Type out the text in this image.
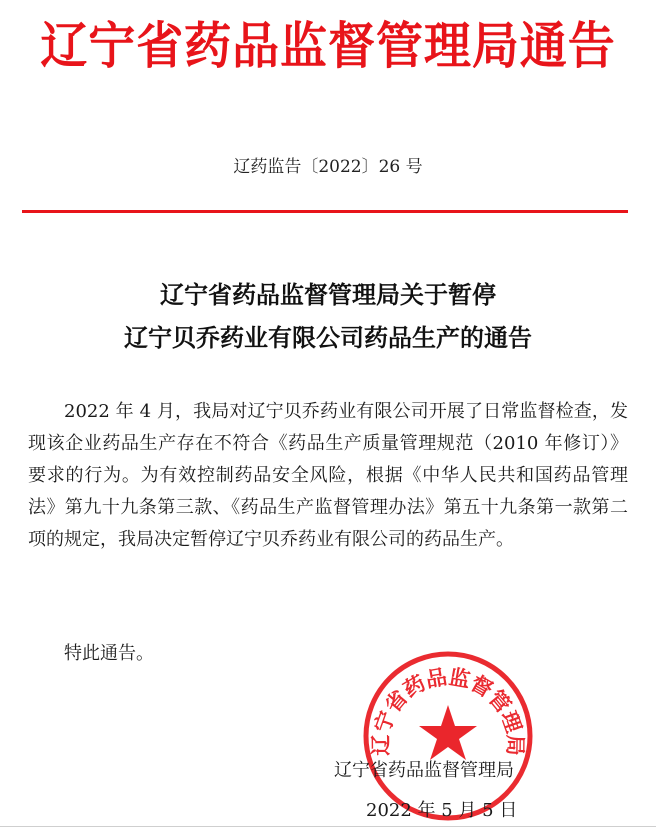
辽宁省药品监督管理局通告
辽药监告〔2022〕26 号
辽宁省药品监督管理局关于暂停
辽宁贝乔药业有限公司药品生产的通告

2022 年 4 月，我局对辽宁贝乔药业有限公司开展了日常监督检查，发现该企业药品生产存在不符合《药品生产质量管理规范（2010 年修订）》要求的行为。为有效控制药品安全风险，根据《中华人民共和国药品管理法》第九十九条第三款、《药品生产监督管理办法》第五十九条第一款第二项的规定，我局决定暂停辽宁贝乔药业有限公司的药品生产。

特此通告。
辽宁省药品监督管理局
辽宁省药品监督管理局
2022 年 5 月 5 日
